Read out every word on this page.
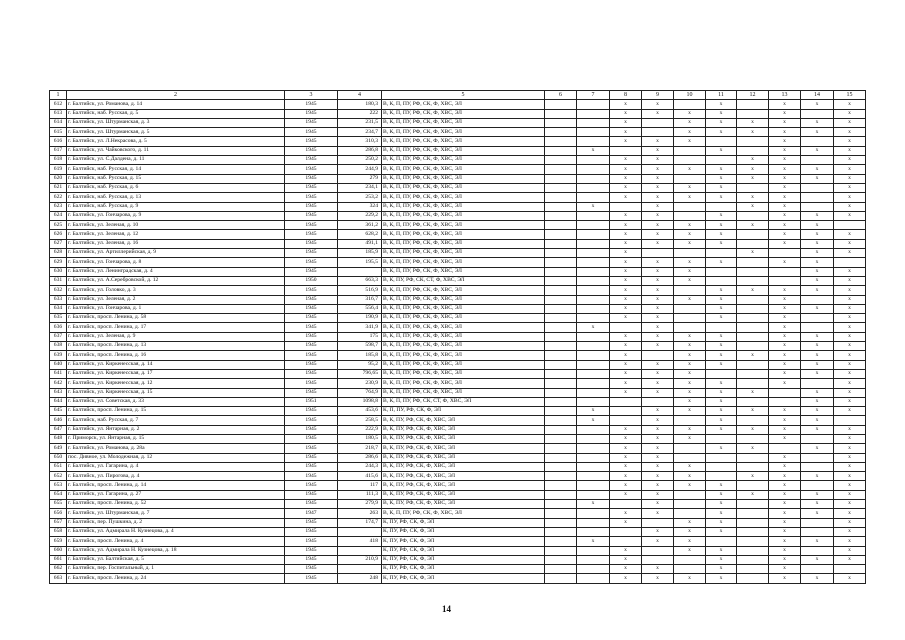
1	2	3	4	5	6	7	8	9	10	11	12	13	14	15
612	г. Балтийск, ул. Романова, д. 14	1945	180,3	В, К, П, ПУ, РФ, СК, Ф, ХВС, ЭЛ			x	x		x		x	x	x
613	г. Балтийск, наб. Русская, д. 5	1945	222	В, К, П, ПУ, РФ, СК, Ф, ХВС, ЭЛ			x	x	x	x		x		x
614	г. Балтийск, ул. Штурманская, д. 3	1945	231,5	В, К, П, ПУ, РФ, СК, Ф, ХВС, ЭЛ			x		x	x	x	x	x	x
615	г. Балтийск, ул. Штурманская, д. 5	1945	234,7	В, К, П, ПУ, РФ, СК, Ф, ХВС, ЭЛ			x		x	x	x	x	x	x
616	г. Балтийск, ул. Л.Некрасова, д. 5	1945	310,3	В, К, П, ПУ, РФ, СК, Ф, ХВС, ЭЛ			x	x	x			x		x
617	г. Балтийск, ул. Чайковского, д. 11	1945	286,8	В, К, П, ПУ, РФ, СК, Ф, ХВС, ЭЛ		x		x		x		x	x	x
618	г. Балтийск, ул. С.Далдена, д. 11	1945	250,2	В, К, П, ПУ, РФ, СК, Ф, ХВС, ЭЛ			x	x			x	x		x
619	г. Балтийск, наб. Русская, д. 14	1945	244,9	В, К, П, ПУ, РФ, СК, Ф, ХВС, ЭЛ			x	x	x	x	x	x	x	x
620	г. Балтийск, наб. Русская, д. 15	1945	279	В, К, П, ПУ, РФ, СК, Ф, ХВС, ЭЛ			x	x		x	x	x	x	x
621	г. Балтийск, наб. Русская, д. 6	1945	234,1	В, К, П, ПУ, РФ, СК, Ф, ХВС, ЭЛ			x	x	x	x		x		x
622	г. Балтийск, наб. Русская, д. 13	1945	253,2	В, К, П, ПУ, РФ, СК, Ф, ХВС, ЭЛ			x	x	x	x	x	x		x
623	г. Балтийск, наб. Русская, д. 9	1945	324	В, К, П, ПУ, РФ, СК, Ф, ХВС, ЭЛ		x		x			x	x		x
624	г. Балтийск, ул. Гончарова, д. 9	1945	229,2	В, К, П, ПУ, РФ, СК, Ф, ХВС, ЭЛ			x	x		x		x	x	x
625	г. Балтийск, ул. Зеленая, д. 10	1945	361,2	В, К, П, ПУ, РФ, СК, Ф, ХВС, ЭЛ			x	x	x	x	x	x	x	
626	г. Балтийск, ул. Зеленая, д. 12	1945	628,2	В, К, П, ПУ, РФ, СК, Ф, ХВС, ЭЛ			x	x	x	x		x	x	x
627	г. Балтийск, ул. Зеленая, д. 16	1945	491,1	В, К, П, ПУ, РФ, СК, Ф, ХВС, ЭЛ			x	x	x	x		x	x	x
628	г. Балтийск, ул. Артиллерийская, д. 9	1945	185,9	В, К, П, ПУ, РФ, СК, Ф, ХВС, ЭЛ			x				x		x	x
629	г. Балтийск, ул. Гончарова, д. 8	1945	195,5	В, К, П, ПУ, РФ, СК, Ф, ХВС, ЭЛ			x	x	x	x		x	x	
630	г. Балтийск, ул. Ленинградская, д. 4	1945		В, К, П, ПУ, РФ, СК, Ф, ХВС, ЭЛ			x	x	x				x	x
631	г. Балтийск, ул. А.Серебровской, д. 12	1950	663,3	В, К, ПУ, РФ, СК, СТ, Ф, ХВС, ЭЛ			x	x	x				x	x
632	г. Балтийск, ул. Головко, д. 3	1945	516,9	В, К, П, ПУ, РФ, СК, Ф, ХВС, ЭЛ			x	x		x	x	x	x	x
633	г. Балтийск, ул. Зеленая, д. 2	1945	316,7	В, К, П, ПУ, РФ, СК, Ф, ХВС, ЭЛ			x	x	x	x		x		x
634	г. Балтийск, ул. Гончарова, д. 1	1945	556,4	В, К, П, ПУ, РФ, СК, Ф, ХВС, ЭЛ			x	x		x		x	x	x
635	г. Балтийск, просп. Ленина, д. 58	1945	190,9	В, К, П, ПУ, РФ, СК, Ф, ХВС, ЭЛ			x	x		x		x		x
636	г. Балтийск, просп. Ленина, д. 17	1945	341,9	В, К, П, ПУ, РФ, СК, Ф, ХВС, ЭЛ		x		x				x		x
637	г. Балтийск, ул. Зеленая, д. 9	1945	175	В, К, П, ПУ, РФ, СК, Ф, ХВС, ЭЛ			x	x	x	x		x	x	x
638	г. Балтийск, просп. Ленина, д. 13	1945	598,7	В, К, П, ПУ, РФ, СК, Ф, ХВС, ЭЛ			x	x	x	x		x	x	x
639	г. Балтийск, просп. Ленина, д. 16	1945	185,8	В, К, П, ПУ, РФ, СК, Ф, ХВС, ЭЛ			x		x	x	x	x	x	x
640	г. Балтийск, ул. Киркенесская, д. 14	1945	95,2	В, К, П, ПУ, РФ, СК, Ф, ХВС, ЭЛ			x	x	x	x		x	x	x
641	г. Балтийск, ул. Киркенесская, д. 17	1945	796,65	В, К, П, ПУ, РФ, СК, Ф, ХВС, ЭЛ			x	x	x			x	x	x
642	г. Балтийск, ул. Киркенесская, д. 12	1945	230,9	В, К, П, ПУ, РФ, СК, Ф, ХВС, ЭЛ			x	x	x	x		x		x
643	г. Балтийск, ул. Киркенесская, д. 15	1945	764,9	В, К, П, ПУ, РФ, СК, Ф, ХВС, ЭЛ			x	x	x	x	x		x	x
644	г. Балтийск, ул. Советская, д. 33	1951	1098,8	В, К, П, ПУ, РФ, СК, СТ, Ф, ХВС, ЭЛ					x	x			x	x
645	г. Балтийск, просп. Ленина, д. 15	1945	453,6	К, П, ПУ, РФ, СК, Ф, ЭЛ		x		x	x	x	x	x	x	x
646	г. Балтийск, наб. Русская, д. 7	1945	258,5	В, К, ПУ, РФ, СК, Ф, ХВС, ЭЛ		x		x		x		x	x	
647	г. Балтийск, ул. Янтарная, д. 2	1945	222,9	В, К, ПУ, РФ, СК, Ф, ХВС, ЭЛ			x	x	x	x	x	x	x	x
648	г. Приморск, ул. Янтарная, д. 15	1945	180,5	В, К, ПУ, РФ, СК, Ф, ХВС, ЭЛ			x	x	x			x		x
649	г. Балтийск, ул. Романова, д. 28а	1945	218,7	В, К, ПУ, РФ, СК, Ф, ХВС, ЭЛ			x	x		x	x		x	x
650	пос. Дивное, ул. Молодежная, д. 12	1945	286,6	В, К, ПУ, РФ, СК, Ф, ХВС, ЭЛ			x	x				x		x
651	г. Балтийск, ул. Гагарина, д. 4	1945	244,3	В, К, ПУ, РФ, СК, Ф, ХВС, ЭЛ			x	x	x			x		x
652	г. Балтийск, ул. Пирогова, д. 4	1945	415,6	В, К, ПУ, РФ, СК, Ф, ХВС, ЭЛ			x	x	x		x	x	x	x
653	г. Балтийск, просп. Ленина, д. 14	1945	117	В, К, ПУ, РФ, СК, Ф, ХВС, ЭЛ			x	x	x	x		x		x
654	г. Балтийск, ул. Гагарина, д. 27	1945	111,3	В, К, ПУ, РФ, СК, Ф, ХВС, ЭЛ			x	x		x	x	x	x	x
655	г. Балтийск, просп. Ленина, д. 52	1945	279,9	В, К, ПУ, РФ, СК, Ф, ХВС, ЭЛ		x		x		x		x	x	x
656	г. Балтийск, ул. Штурманская, д. 7	1947	263	В, К, П, ПУ, РФ, СК, Ф, ХВС, ЭЛ			x	x		x		x	x	x
657	г. Балтийск, пер. Пушкина, д. 2	1945	174,7	К, ПУ, РФ, СК, Ф, ЭЛ			x		x	x		x		x
658	г. Балтийск, ул. Адмирала Н. Кузнецова, д. 4	1945		К, ПУ, РФ, СК, Ф, ЭЛ				x	x	x		x		x
659	г. Балтийск, просп. Ленина, д. 4	1945	418	К, ПУ, РФ, СК, Ф, ЭЛ		x		x	x			x	x	x
660	г. Балтийск, ул. Адмирала Н. Кузнецова, д. 18	1945		К, ПУ, РФ, СК, Ф, ЭЛ			x		x	x		x		x
661	г. Балтийск, ул. Балтийская, д. 5	1945	210,9	К, ПУ, РФ, СК, Ф, ЭЛ			x			x		x	x	x
662	г. Балтийск, пер. Госпитальный, д. 1	1945		К, ПУ, РФ, СК, Ф, ЭЛ			x	x		x		x		
663	г. Балтийск, просп. Ленина, д. 24	1945	248	К, ПУ, РФ, СК, Ф, ЭЛ			x	x	x	x		x	x	x
14
